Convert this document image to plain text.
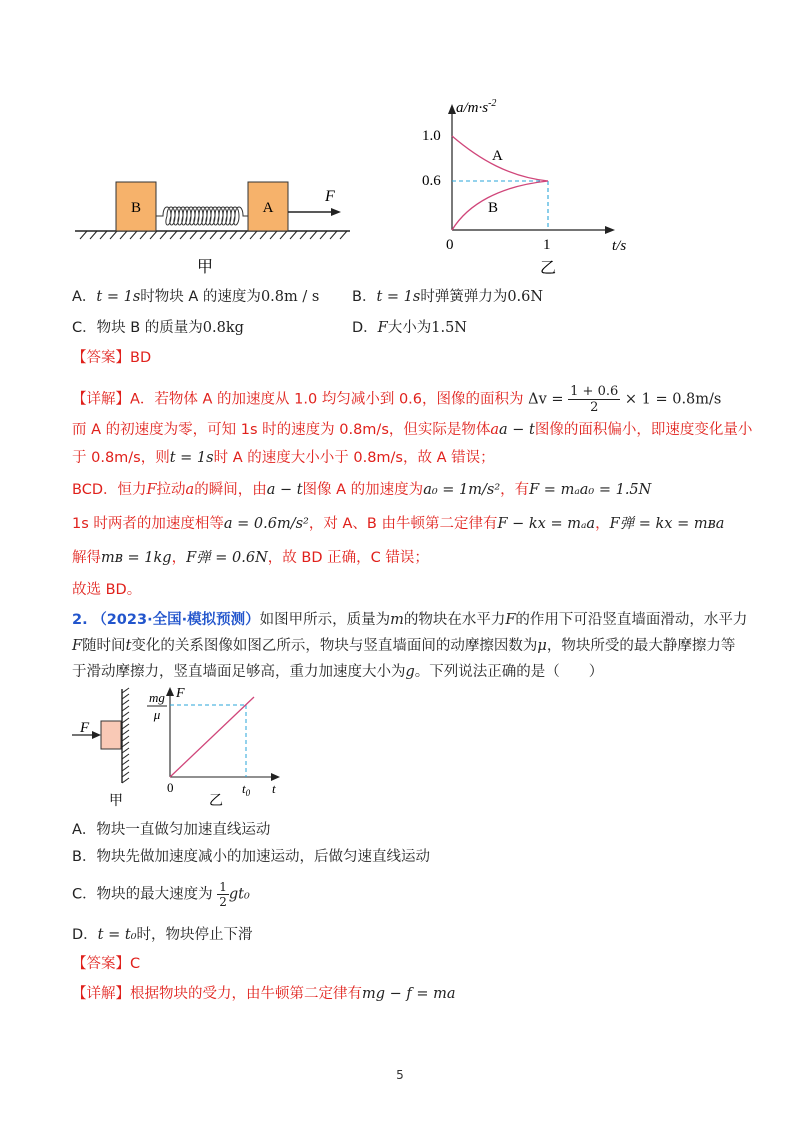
B	A
F
甲
$a/m\cdot s^{-2}$
1.0
0.6
0	1	t/s
A
B
乙
A．t = 1s时物块 A 的速度为0.8m / s B．t = 1s时弹簧弹力为0.6N
C．物块 B 的质量为0.8kg	D．F大小为1.5N
【答案】BD
【详解】A．若物体 A 的加速度从 1.0 均匀减小到 0.6，图像的面积为 $\Delta v = \frac{1 + 0.6}{2} \times 1 = 0.8m/s$
而 A 的初速度为零，可知 1s 时的速度为 0.8m/s，但实际是物体aa − t图像的面积偏小，即速度变化量小
于 0.8m/s，则t = 1s时 A 的速度大小小于 0.8m/s，故 A 错误；
BCD．恒力F拉动a的瞬间，由a − t图像 A 的加速度为a₀ = 1m/s²，有F = mₐa₀ = 1.5N
1s 时两者的加速度相等a = 0.6m/s²，对 A、B 由牛顿第二定律有F − kx = mₐa，F弹 = kx = mʙa
解得mʙ = 1kg，F弹 = 0.6N，故 BD 正确，C 错误；
故选 BD。
2. （2023·全国·模拟预测）如图甲所示，质量为m的物块在水平力F的作用下可沿竖直墙面滑动，水平力
F随时间t变化的关系图像如图乙所示，物块与竖直墙面间的动摩擦因数为μ，物块所受的最大静摩擦力等
于滑动摩擦力，竖直墙面足够高，重力加速度大小为g。下列说法正确的是（　　）
F
甲
F
mg
μ
0	$t_0$ t
乙
A．物块一直做匀加速直线运动
B．物块先做加速度减小的加速运动，后做匀速直线运动
C．物块的最大速度为 $\frac{1}{2} gt_0$
D．t = t₀时，物块停止下滑
【答案】C
【详解】根据物块的受力，由牛顿第二定律有mg − f = ma
5
